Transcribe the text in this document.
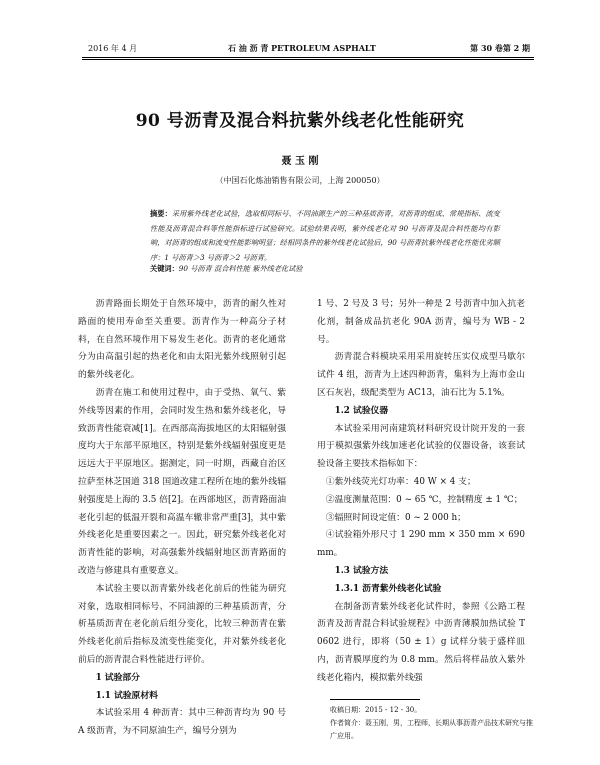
2016 年 4 月	石 油 沥 青 PETROLEUM ASPHALT	第 30 卷第 2 期
90 号沥青及混合料抗紫外线老化性能研究
聂 玉 刚
（中国石化炼油销售有限公司，上海 200050）
摘要：采用紫外线老化试验，选取相同标号、不同油源生产的三种基质沥青，对沥青的组成、常规指标、流变性能及沥青混合料等性能指标进行试验研究。试验结果表明，紫外线老化对 90 号沥青及混合料性能均有影响，对沥青的组成和流变性能影响明显；经相同条件的紫外线老化试验后，90 号沥青抗紫外线老化性能优劣顺序：1 号沥青＞3 号沥青＞2 号沥青。
关键词：90 号沥青 混合料性能 紫外线老化试验

沥青路面长期处于自然环境中，沥青的耐久性对路面的使用寿命至关重要。沥青作为一种高分子材料，在自然环境作用下易发生老化。沥青的老化通常分为由高温引起的热老化和由太阳光紫外线照射引起的紫外线老化。

沥青在施工和使用过程中，由于受热、氧气、紫外线等因素的作用，会同时发生热和紫外线老化，导致沥青性能衰减[1]。在西部高海拔地区的太阳辐射强度均大于东部平原地区，特别是紫外线辐射强度更是远远大于平原地区。据测定，同一时期，西藏自治区拉萨至林芝国道 318 国道改建工程所在地的紫外线辐射强度是上海的 3.5 倍[2]。在西部地区，沥青路面油老化引起的低温开裂和高温车辙非常严重[3]，其中紫外线老化是重要因素之一。因此，研究紫外线老化对沥青性能的影响，对高强紫外线辐射地区沥青路面的改造与修建具有重要意义。

本试验主要以沥青紫外线老化前后的性能为研究对象，选取相同标号、不同油源的三种基质沥青，分析基质沥青在老化前后组分变化，比较三种沥青在紫外线老化前后指标及流变性能变化，并对紫外线老化前后的沥青混合料性能进行评价。

1 试验部分

1.1 试验原材料

本试验采用 4 种沥青：其中三种沥青均为 90 号 A 级沥青，为不同原油生产，编号分别为

1 号、2 号及 3 号；另外一种是 2 号沥青中加入抗老化剂，制备成品抗老化 90A 沥青，编号为 WB - 2 号。

沥青混合料模块采用采用旋转压实仪成型马歇尔试件 4 组，沥青为上述四种沥青，集料为上海市金山区石灰岩，级配类型为 AC13，油石比为 5.1%。

1.2 试验仪器

本试验采用河南建筑材料研究设计院开发的一套用于模拟强紫外线加速老化试验的仪器设备，该套试验设备主要技术指标如下：

①紫外线荧光灯功率：40 W × 4 支；

②温度测量范围：0 ~ 65 ℃，控制精度 ± 1 ℃；

③辐照时间设定值：0 ~ 2 000 h；

④试验箱外形尺寸 1 290 mm × 350 mm × 690 mm。

1.3 试验方法

1.3.1 沥青紫外线老化试验

在制备沥青紫外线老化试件时，参照《公路工程沥青及沥青混合料试验规程》中沥青薄膜加热试验 T 0602 进行，即将（50 ± 1）g 试样分装于盛样皿内，沥青膜厚度约为 0.8 mm。然后将样品放入紫外线老化箱内，模拟紫外线强

收稿日期：2015 - 12 - 30。
作者简介：聂玉刚，男，工程师，长期从事沥青产品技术研究与推广应用。
